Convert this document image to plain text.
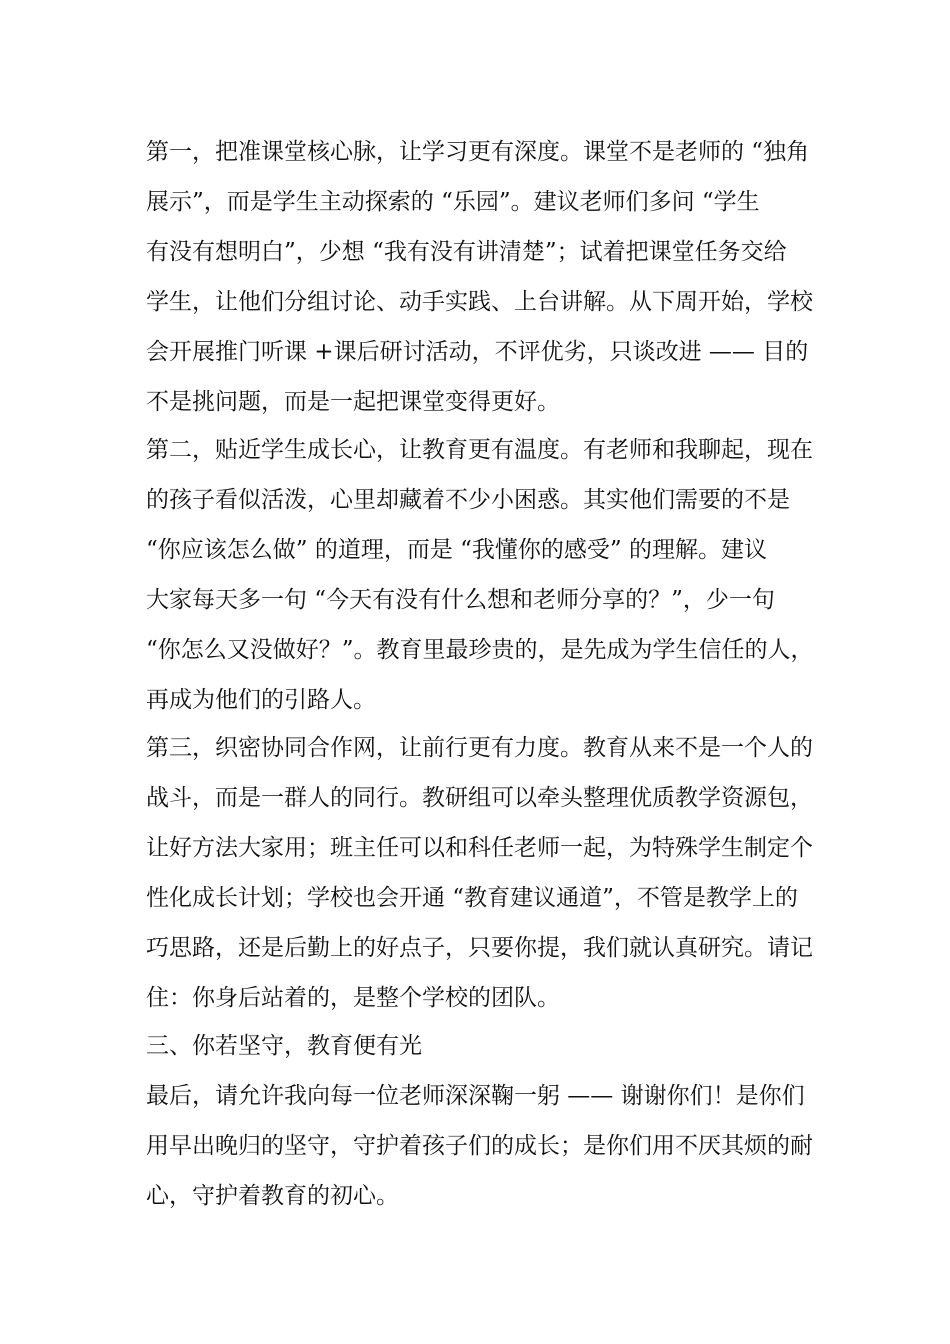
第一，把准课堂核心脉，让学习更有深度。课堂不是老师的 “独角

展示”，而是学生主动探索的 “乐园”。建议老师们多问 “学生

有没有想明白”，少想 “我有没有讲清楚”；试着把课堂任务交给

学生，让他们分组讨论、动手实践、上台讲解。从下周开始，学校

会开展推门听课 +课后研讨活动，不评优劣，只谈改进 —— 目的

不是挑问题，而是一起把课堂变得更好。

第二，贴近学生成长心，让教育更有温度。有老师和我聊起，现在

的孩子看似活泼，心里却藏着不少小困惑。其实他们需要的不是

“你应该怎么做” 的道理，而是 “我懂你的感受” 的理解。建议

大家每天多一句 “今天有没有什么想和老师分享的？”，少一句

“你怎么又没做好？”。教育里最珍贵的，是先成为学生信任的人，

再成为他们的引路人。

第三，织密协同合作网，让前行更有力度。教育从来不是一个人的

战斗，而是一群人的同行。教研组可以牵头整理优质教学资源包，

让好方法大家用；班主任可以和科任老师一起，为特殊学生制定个

性化成长计划；学校也会开通 “教育建议通道”，不管是教学上的

巧思路，还是后勤上的好点子，只要你提，我们就认真研究。请记

住：你身后站着的，是整个学校的团队。

三、你若坚守，教育便有光

最后，请允许我向每一位老师深深鞠一躬 —— 谢谢你们！是你们

用早出晚归的坚守，守护着孩子们的成长；是你们用不厌其烦的耐

心，守护着教育的初心。
